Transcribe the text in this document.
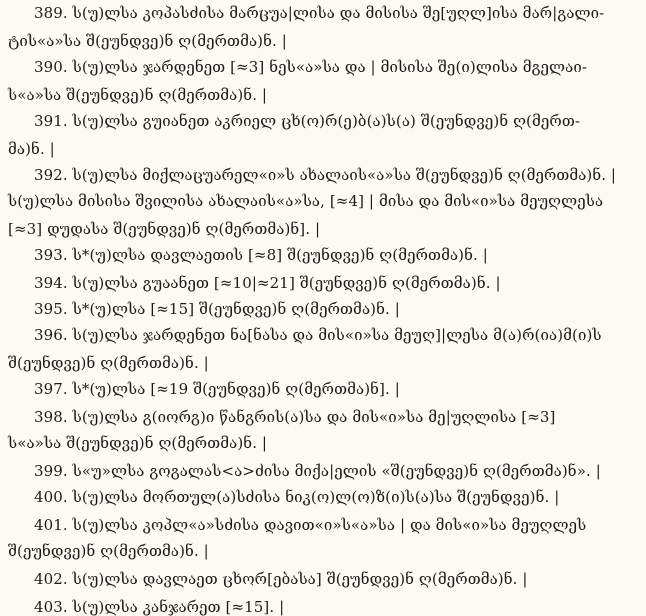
389. ს(უ)ლსა კოპასძისა მარცუა|ლისა და მისისა შე[უღლ]ისა მარ|გალი-
ტის«ა»სა შ(ეუნდვე)ნ ღ(მერთმა)ნ. |
390. ს(უ)ლსა ჯარდენეთ [≈3] ნეს«ა»სა და | მისისა შე(ი)ლისა მგელაი-
ს«ა»სა შ(ეუნდვე)ნ ღ(მერთმა)ნ. |
391. ს(უ)ლსა გუიანეთ აკრიელ ცხ(ო)რ(ე)ბ(ა)ს(ა) შ(ეუნდვე)ნ ღ(მერთ-
მა)ნ. |
392. ს(უ)ლსა მიქლაცუარელ«ი»ს ახალაის«ა»სა შ(ეუნდვე)ნ ღ(მერთმა)ნ. |
ს(უ)ლსა მისისა შვილისა ახალაის«ა»სა, [≈4] | მისა და მის«ი»სა მეუღლესა
[≈3] დუდასა შ(ეუნდვე)ნ ღ(მერთმა)ნ]. |
393. ს*(უ)ლსა დავლაეთის [≈8] შ(ეუნდვე)ნ ღ(მერთმა)ნ. |
394. ს(უ)ლსა გუაანეთ [≈10|≈21] შ(ეუნდვე)ნ ღ(მერთმა)ნ. |
395. ს*(უ)ლსა [≈15] შ(ეუნდვე)ნ ღ(მერთმა)ნ. |
396. ს(უ)ლსა ჯარდენეთ ნა[ნასა და მის«ი»სა მეუღ]|ლესა მ(ა)რ(ია)მ(ი)ს
შ(ეუნდვე)ნ ღ(მერთმა)ნ. |
397. ს*(უ)ლსა [≈19 შ(ეუნდვე)ნ ღ(მერთმა)ნ]. |
398. ს(უ)ლსა გ(იორგ)ი წანგრის(ა)სა და მის«ი»სა მე|უღლისა [≈3]
ს«ა»სა შ(ეუნდვე)ნ ღ(მერთმა)ნ. |
399. ს«უ»ლსა გოგალას<ა>ძისა მიქა|ელის «შ(ეუნდვე)ნ ღ(მერთმა)ნ». |
400. ს(უ)ლსა მორთულ(ა)სძისა ნიკ(ო)ლ(ო)ზ(ი)ს(ა)სა შ(ეუნდვე)ნ. |
401. ს(უ)ლსა კოპლ«ა»სძისა დავით«ი»ს«ა»სა | და მის«ი»სა მეუღლეს
შ(ეუნდვე)ნ ღ(მერთმა)ნ. |
402. ს(უ)ლსა დავლაეთ ცხორ[ებასა] შ(ეუნდვე)ნ ღ(მერთმა)ნ. |
403. ს(უ)ლსა კანჯარეთ [≈15]. |
